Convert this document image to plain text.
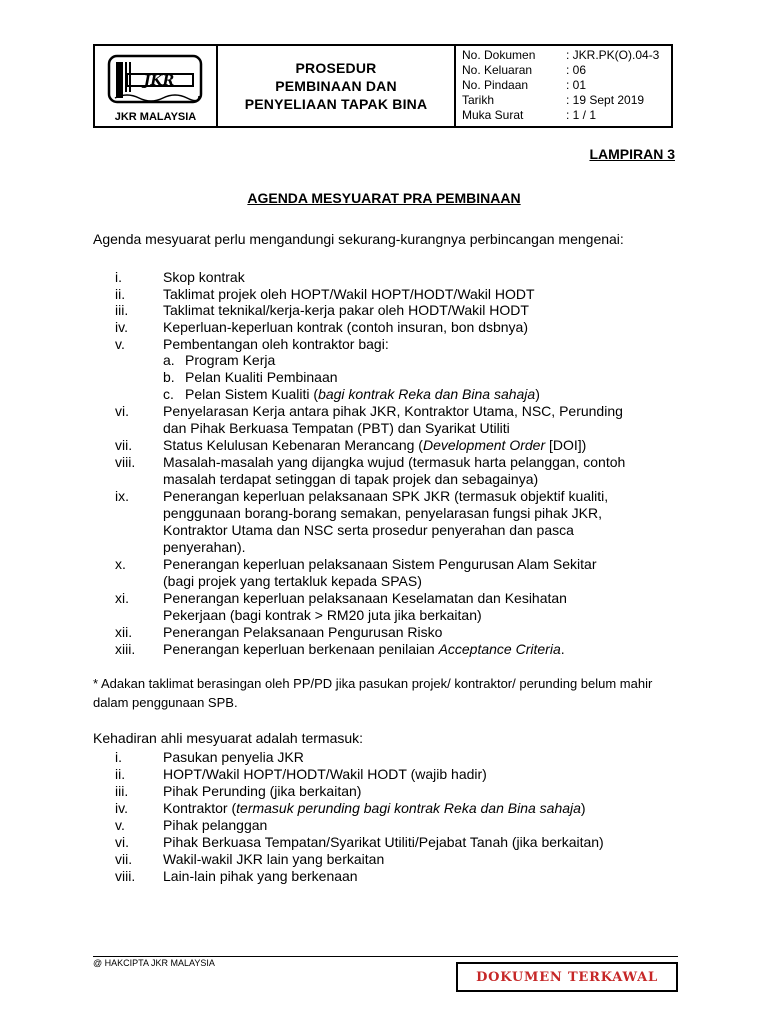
JKR
JKR MALAYSIA
PROSEDUR
PEMBINAAN DAN
PENYELIAAN TAPAK BINA
No. Dokumen	: JKR.PK(O).04-3
No. Keluaran	: 06
No. Pindaan	: 01
Tarikh	: 19 Sept 2019
Muka Surat	: 1 / 1
LAMPIRAN 3
AGENDA MESYUARAT PRA PEMBINAAN
Agenda mesyuarat perlu mengandungi sekurang-kurangnya perbincangan mengenai:
i.	Skop kontrak
ii.	Taklimat projek oleh HOPT/Wakil HOPT/HODT/Wakil HODT
iii.	Taklimat teknikal/kerja-kerja pakar oleh HODT/Wakil HODT
iv.	Keperluan-keperluan kontrak (contoh insuran, bon dsbnya)
v.	Pembentangan oleh kontraktor bagi:
a. Program Kerja
b. Pelan Kualiti Pembinaan
c. Pelan Sistem Kualiti (bagi kontrak Reka dan Bina sahaja)
vi.	Penyelarasan Kerja antara pihak JKR, Kontraktor Utama, NSC, Perunding
dan Pihak Berkuasa Tempatan (PBT) dan Syarikat Utiliti
vii.	Status Kelulusan Kebenaran Merancang (Development Order [DOI])
viii.	Masalah-masalah yang dijangka wujud (termasuk harta pelanggan, contoh
masalah terdapat setinggan di tapak projek dan sebagainya)
ix.	Penerangan keperluan pelaksanaan SPK JKR (termasuk objektif kualiti,
penggunaan borang-borang semakan, penyelarasan fungsi pihak JKR,
Kontraktor Utama dan NSC serta prosedur penyerahan dan pasca
penyerahan).
x.	Penerangan keperluan pelaksanaan Sistem Pengurusan Alam Sekitar
(bagi projek yang tertakluk kepada SPAS)
xi.	Penerangan keperluan pelaksanaan Keselamatan dan Kesihatan
Pekerjaan (bagi kontrak > RM20 juta jika berkaitan)
xii.	Penerangan Pelaksanaan Pengurusan Risko
xiii.	Penerangan keperluan berkenaan penilaian Acceptance Criteria.
* Adakan taklimat berasingan oleh PP/PD jika pasukan projek/ kontraktor/ perunding belum mahir dalam penggunaan SPB.
Kehadiran ahli mesyuarat adalah termasuk:
i.	Pasukan penyelia JKR
ii.	HOPT/Wakil HOPT/HODT/Wakil HODT (wajib hadir)
iii.	Pihak Perunding (jika berkaitan)
iv.	Kontraktor (termasuk perunding bagi kontrak Reka dan Bina sahaja)
v.	Pihak pelanggan
vi.	Pihak Berkuasa Tempatan/Syarikat Utiliti/Pejabat Tanah (jika berkaitan)
vii.	Wakil-wakil JKR lain yang berkaitan
viii.	Lain-lain pihak yang berkenaan
@ HAKCIPTA JKR MALAYSIA
DOKUMEN TERKAWAL
